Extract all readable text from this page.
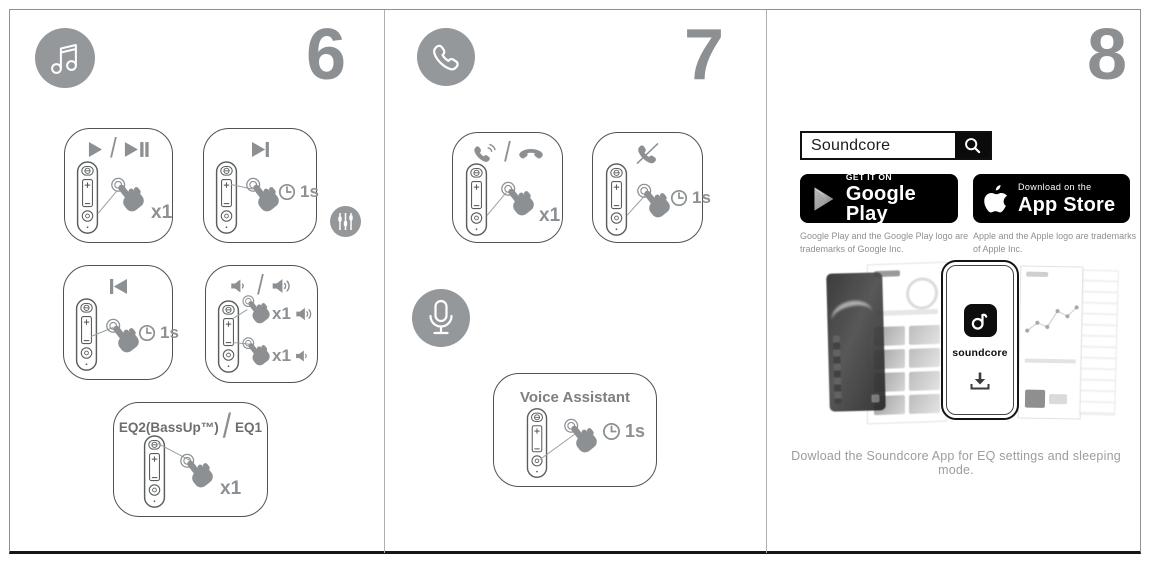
6
/
x1
1s
1s
/
x1
x1
EQ2(BassUp™) / EQ1
x1
7
/
x1
1s
Voice Assistant
1s
8
Soundcore
GET IT ON
Google Play
Download on the
App Store
Google Play and the Google Play logo are trademarks of Google Inc.
Apple and the Apple logo are trademarks of Apple Inc.
soundcore
Dowload the Soundcore App for EQ settings and sleeping mode.
